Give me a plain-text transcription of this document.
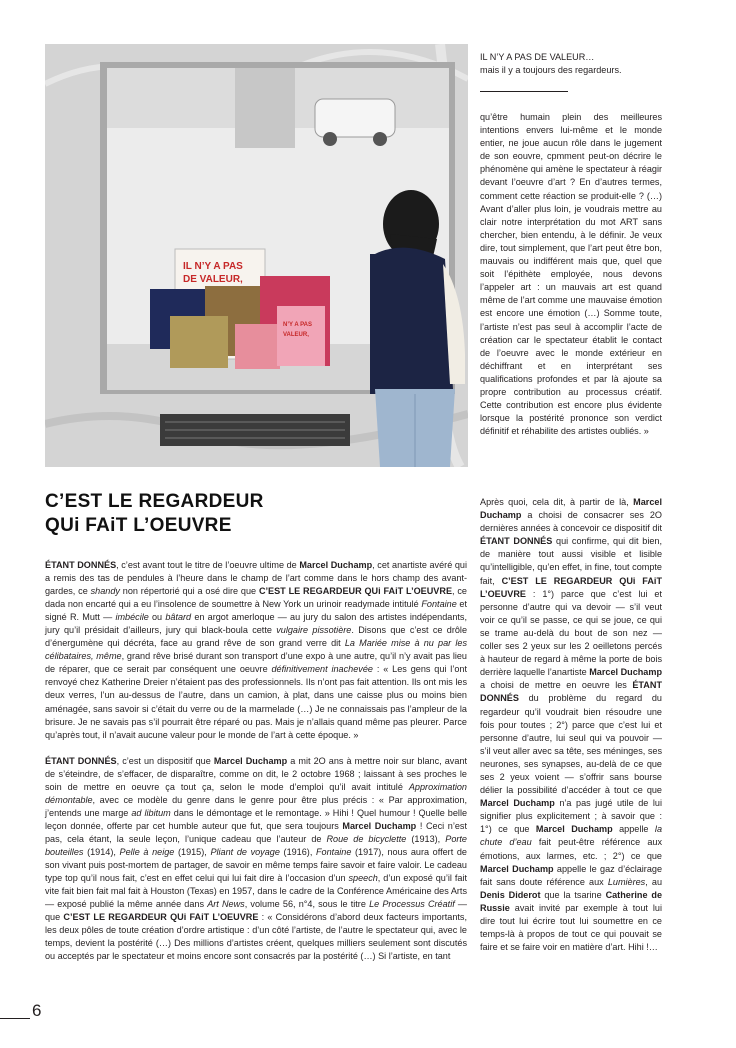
IL N’Y A PAS
DE VALEUR,
N’Y A PAS
VALEUR,
IL N’Y A PAS DE VALEUR…
mais il y a toujours des regardeurs.

qu’être humain plein des meilleures intentions envers lui-même et le monde entier, ne joue aucun rôle dans le jugement de son eouvre, cpmment peut-on décrire le phénomène qui amène le spectateur à réagir devant l’oeuvre d’art ? En d’autres termes, comment cette réaction se produit-elle ? (…) Avant d’aller plus loin, je voudrais mettre au clair notre interprétation du mot ART sans chercher, bien entendu, à le définir. Je veux dire, tout simplement, que l’art peut être bon, mauvais ou indifférent mais que, quel que soit l’épithète employée, nous devons l’appeler art : un mauvais art est quand même de l’art comme une mauvaise émotion est encore une émotion (…) Somme toute, l’artiste n’est pas seul à accomplir l’acte de création car le spectateur établit le contact de l’oeuvre avec le monde extérieur en déchiffrant et en interprétant ses qualifications profondes et par là ajoute sa propre contribution au processus créatif. Cette contribution est encore plus évidente lorsque la postérité prononce son verdict définitif et réhabilite des artistes oubliés. »

Après quoi, cela dit, à partir de là, Marcel Duchamp a choisi de consacrer ses 2O dernières années à concevoir ce dispositif dit ÉTANT DONNÉS qui confirme, qui dit bien, de manière tout aussi visible et lisible qu’intelligible, qu’en effet, in fine, tout compte fait, C’EST LE REGARDEUR QUi FAiT L’OEUVRE : 1°) parce que c’est lui et personne d’autre qui va devoir — s’il veut voir ce qu’il se passe, ce qui se joue, ce qui se trame au-delà du bout de son nez — coller ses 2 yeux sur les 2 oeilletons percés à hauteur de regard à même la porte de bois derrière laquelle l’anartiste Marcel Duchamp a choisi de mettre en oeuvre les ÉTANT DONNÉS du problème du regard du regardeur qu’il voudrait bien résoudre une fois pour toutes ; 2°) parce que c’est lui et personne d’autre, lui seul qui va pouvoir — s’il veut aller avec sa tête, ses méninges, ses neurones, ses synapses, au-delà de ce que ses 2 yeux voient — s’offrir sans bourse délier la possibilité d’accéder à tout ce que Marcel Duchamp n’a pas jugé utile de lui signifier plus explicitement ; à savoir que : 1°) ce que Marcel Duchamp appelle la chute d’eau fait peut-être référence aux émotions, aux larmes, etc. ; 2°) ce que Marcel Duchamp appelle le gaz d’éclairage fait sans doute référence aux Lumières, au Denis Diderot que la tsarine Catherine de Russie avait invité par exemple à tout lui dire tout lui écrire tout lui soumettre en ce temps-là à propos de tout ce qui pouvait se faire et se faire voir en matière d’art. Hihi !…

C’EST LE REGARDEUR
QUi FAiT L’OEUVRE

ÉTANT DONNÉS, c’est avant tout le titre de l’oeuvre ultime de Marcel Duchamp, cet anartiste avéré qui a remis des tas de pendules à l’heure dans le champ de l’art comme dans le hors champ des avant-gardes, ce shandy non répertorié qui a osé dire que C’EST LE REGARDEUR QUi FAiT L’OEUVRE, ce dada non encarté qui a eu l’insolence de soumettre à New York un urinoir readymade intitulé Fontaine et signé R. Mutt — imbécile ou bâtard en argot amerloque — au jury du salon des artistes indépendants, jury qu’il présidait d’ailleurs, jury qui black-boula cette vulgaire pissotière. Disons que c’est ce drôle d’énergumène qui décréta, face au grand rêve de son grand verre dit La Mariée mise à nu par les célibataires, même, grand rêve brisé durant son transport d’une expo à une autre, qu’il n’y avait pas lieu de réparer, que ce serait par conséquent une oeuvre définitivement inachevée : « Les gens qui l’ont renvoyé chez Katherine Dreier n’étaient pas des professionnels. Ils n’ont pas fait attention. Ils ont mis les deux verres, l’un au-dessus de l’autre, dans un camion, à plat, dans une caisse plus ou moins bien aménagée, sans savoir si c’était du verre ou de la marmelade (…) Je ne connaissais pas l’ampleur de la brisure. Je ne savais pas s’il pourrait être réparé ou pas. Mais je n’allais quand même pas pleurer. Parce qu’après tout, il n’avait aucune valeur pour le monde de l’art à cette époque. »

ÉTANT DONNÉS, c’est un dispositif que Marcel Duchamp a mit 2O ans à mettre noir sur blanc, avant de s’éteindre, de s’effacer, de disparaître, comme on dit, le 2 octobre 1968 ; laissant à ses proches le soin de mettre en oeuvre ça tout ça, selon le mode d’emploi qu’il avait intitulé Approximation démontable, avec ce modèle du genre dans le genre pour être plus précis : « Par approximation, j’entends une marge ad libitum dans le démontage et le remontage. » Hihi ! Quel humour ! Quelle belle leçon donnée, offerte par cet humble auteur que fut, que sera toujours Marcel Duchamp ! Ceci n’est pas, cela étant, la seule leçon, l’unique cadeau que l’auteur de Roue de bicyclette (1913), Porte bouteilles (1914), Pelle à neige (1915), Pliant de voyage (1916), Fontaine (1917), nous aura offert de son vivant puis post-mortem de partager, de savoir en même temps faire savoir et faire valoir. Le cadeau type top qu’il nous fait, c’est en effet celui qui lui fait dire à l’occasion d’un speech, d’un exposé qu’il fait vite fait bien fait mal fait à Houston (Texas) en 1957, dans le cadre de la Conférence Américaine des Arts — exposé publié la même année dans Art News, volume 56, n°4, sous le titre Le Processus Créatif — que C’EST LE REGARDEUR QUi FAiT L’OEUVRE : « Considérons d’abord deux facteurs importants, les deux pôles de toute création d’ordre artistique : d’un côté l’artiste, de l’autre le spectateur qui, avec le temps, devient la postérité (…) Des millions d’artistes créent, quelques milliers seulement sont discutés ou acceptés par le spectateur et moins encore sont consacrés par la postérité (…) Si l’artiste, en tant

6
